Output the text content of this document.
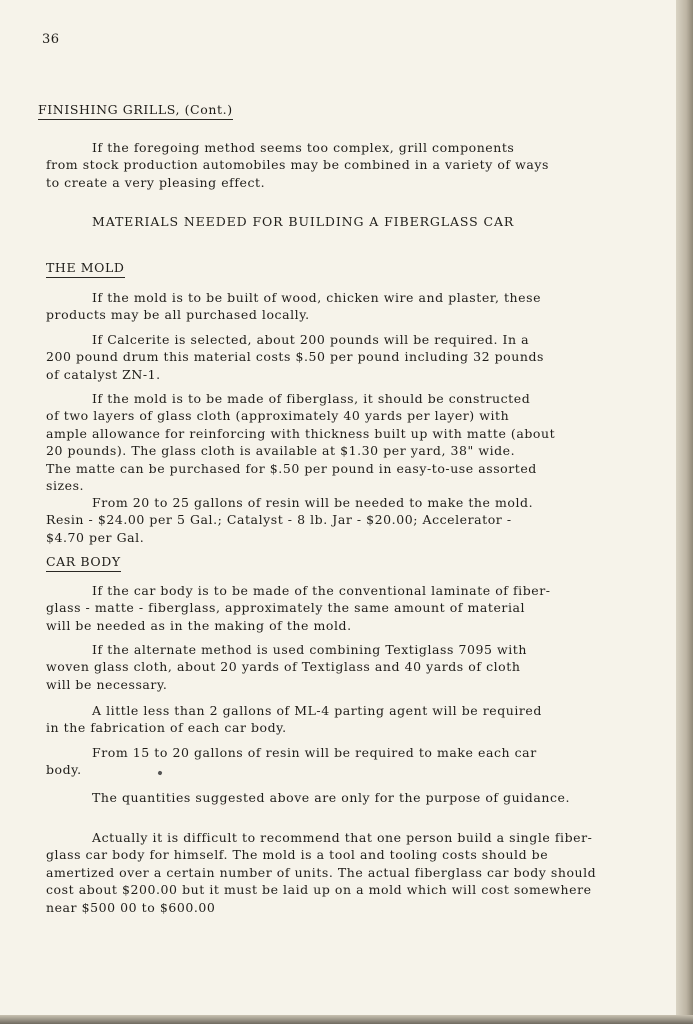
36
FINISHING GRILLS, (Cont.)

If the foregoing method seems too complex, grill components
from stock production automobiles may be combined in a variety of ways
to create a very pleasing effect.

MATERIALS NEEDED FOR BUILDING A FIBERGLASS CAR
THE MOLD

If the mold is to be built of wood, chicken wire and plaster, these
products may be all purchased locally.

If Calcerite is selected, about 200 pounds will be required. In a
200 pound drum this material costs $.50 per pound including 32 pounds
of catalyst ZN-1.

If the mold is to be made of fiberglass, it should be constructed
of two layers of glass cloth (approximately 40 yards per layer) with
ample allowance for reinforcing with thickness built up with matte (about
20 pounds). The glass cloth is available at $1.30 per yard, 38" wide.
The matte can be purchased for $.50 per pound in easy-to-use assorted
sizes.

From 20 to 25 gallons of resin will be needed to make the mold.
Resin - $24.00 per 5 Gal.; Catalyst - 8 lb. Jar - $20.00; Accelerator -
$4.70 per Gal.

CAR BODY

If the car body is to be made of the conventional laminate of fiber-
glass - matte - fiberglass, approximately the same amount of material
will be needed as in the making of the mold.

If the alternate method is used combining Textiglass 7095 with
woven glass cloth, about 20 yards of Textiglass and 40 yards of cloth
will be necessary.

A little less than 2 gallons of ML-4 parting agent will be required
in the fabrication of each car body.

From 15 to 20 gallons of resin will be required to make each car
body.

The quantities suggested above are only for the purpose of guidance.

Actually it is difficult to recommend that one person build a single fiber-
glass car body for himself. The mold is a tool and tooling costs should be
amertized over a certain number of units. The actual fiberglass car body should
cost about $200.00 but it must be laid up on a mold which will cost somewhere
near $500 00 to $600.00
